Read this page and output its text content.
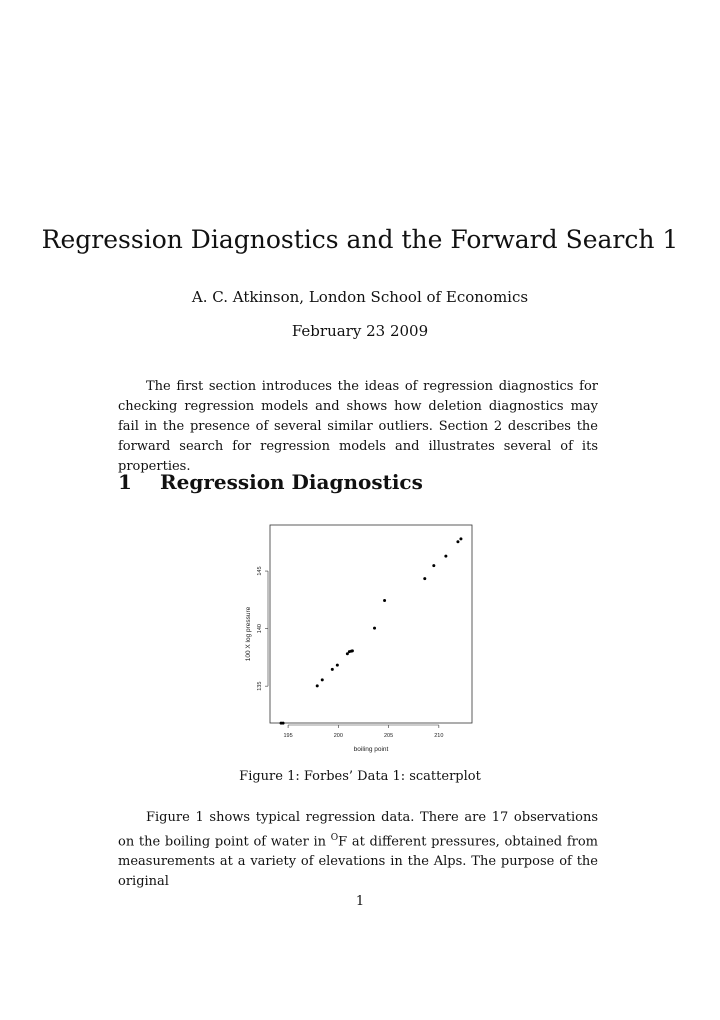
Regression Diagnostics and the Forward Search 1
A. C. Atkinson, London School of Economics
February 23 2009

The first section introduces the ideas of regression diagnostics for checking regression models and shows how deletion diagnostics may fail in the presence of several similar outliers. Section 2 describes the forward search for regression models and illustrates several of its properties.

1 Regression Diagnostics
195	200	205	210
135
140
145
boiling point
100 X log pressure
Figure 1: Forbes’ Data 1: scatterplot

Figure 1 shows typical regression data. There are 17 observations on the boiling point of water in $^O$F at different pressures, obtained from measurements at a variety of elevations in the Alps. The purpose of the original

1
